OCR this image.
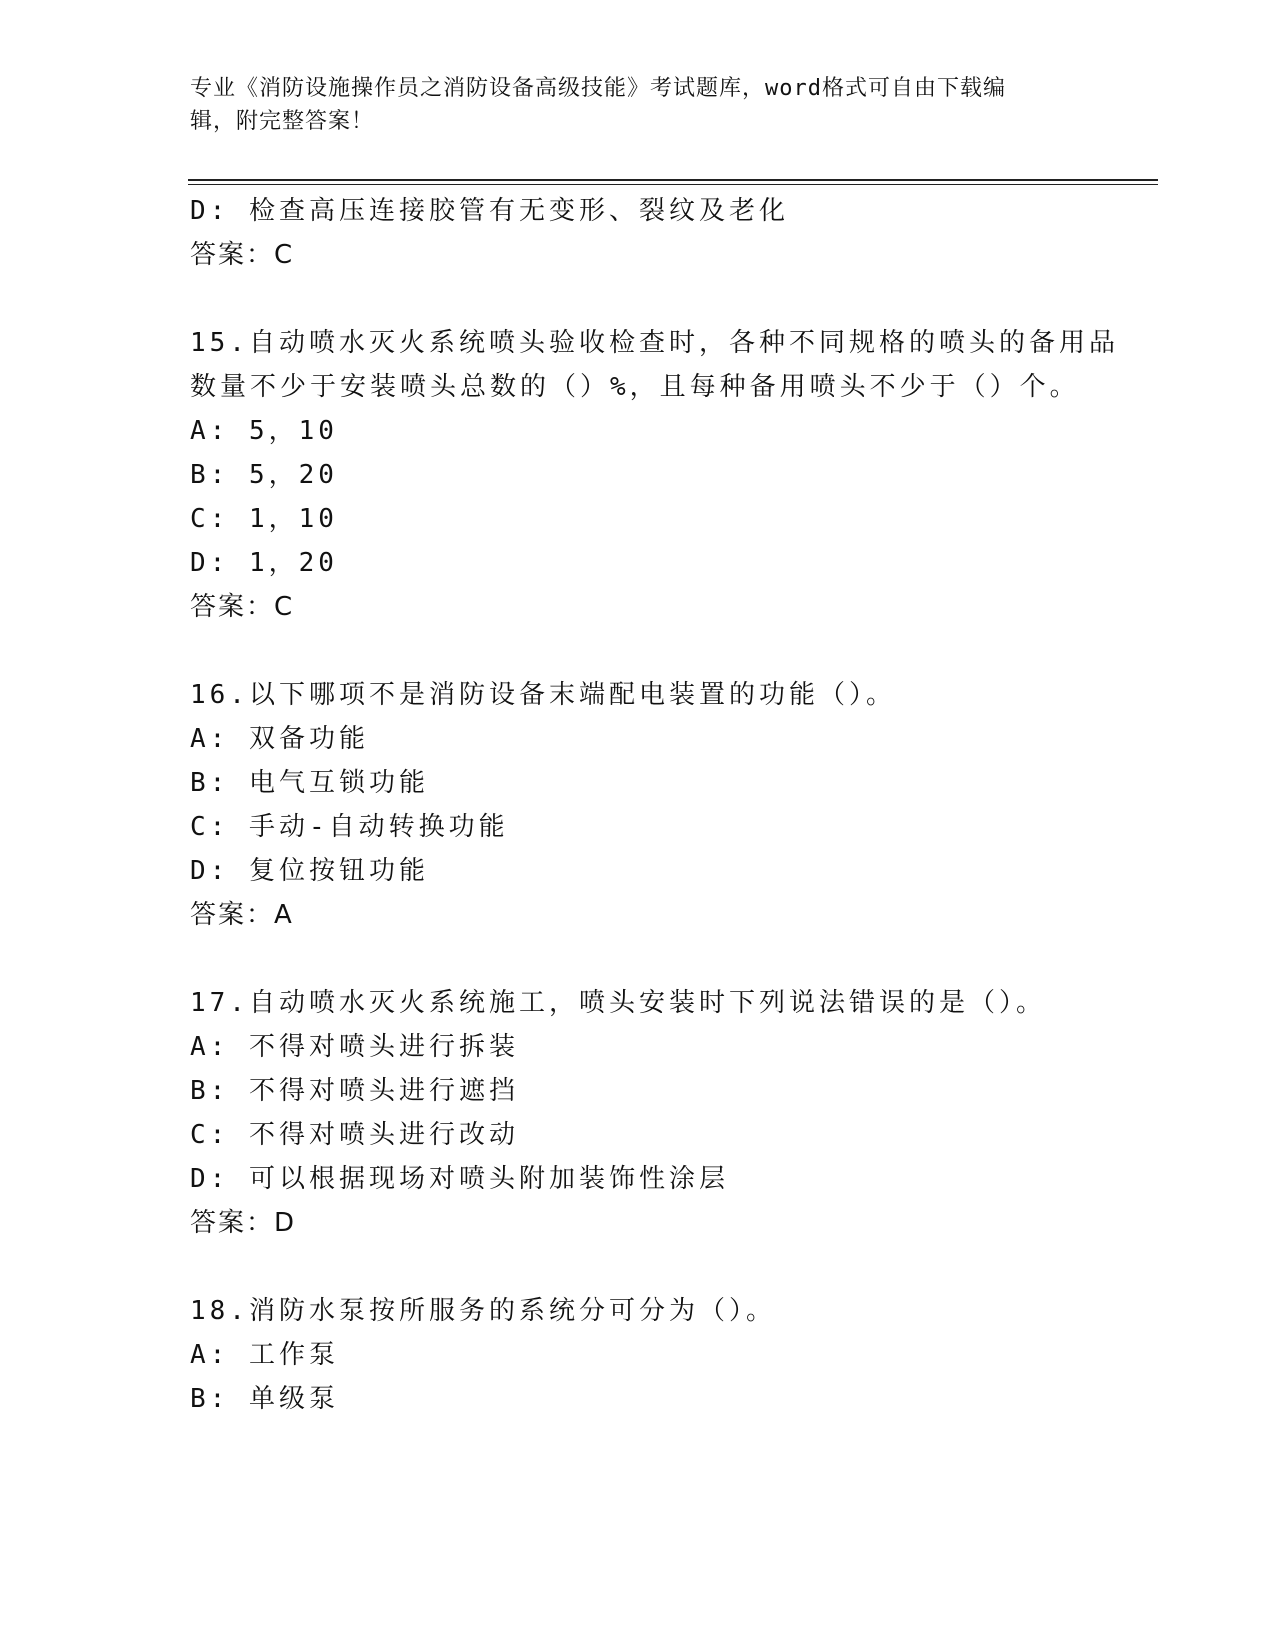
专业《消防设施操作员之消防设备高级技能》考试题库，word格式可自由下载编
辑，附完整答案！
D: 检查高压连接胶管有无变形、裂纹及老化
答案：C
15.自动喷水灭火系统喷头验收检查时，各种不同规格的喷头的备用品
数量不少于安装喷头总数的（）%，且每种备用喷头不少于（）个。
A: 5，10
B: 5，20
C: 1，10
D: 1，20
答案：C
16.以下哪项不是消防设备末端配电装置的功能（）。
A: 双备功能
B: 电气互锁功能
C: 手动-自动转换功能
D: 复位按钮功能
答案：A
17.自动喷水灭火系统施工，喷头安装时下列说法错误的是（）。
A: 不得对喷头进行拆装
B: 不得对喷头进行遮挡
C: 不得对喷头进行改动
D: 可以根据现场对喷头附加装饰性涂层
答案：D
18.消防水泵按所服务的系统分可分为（）。
A: 工作泵
B: 单级泵
